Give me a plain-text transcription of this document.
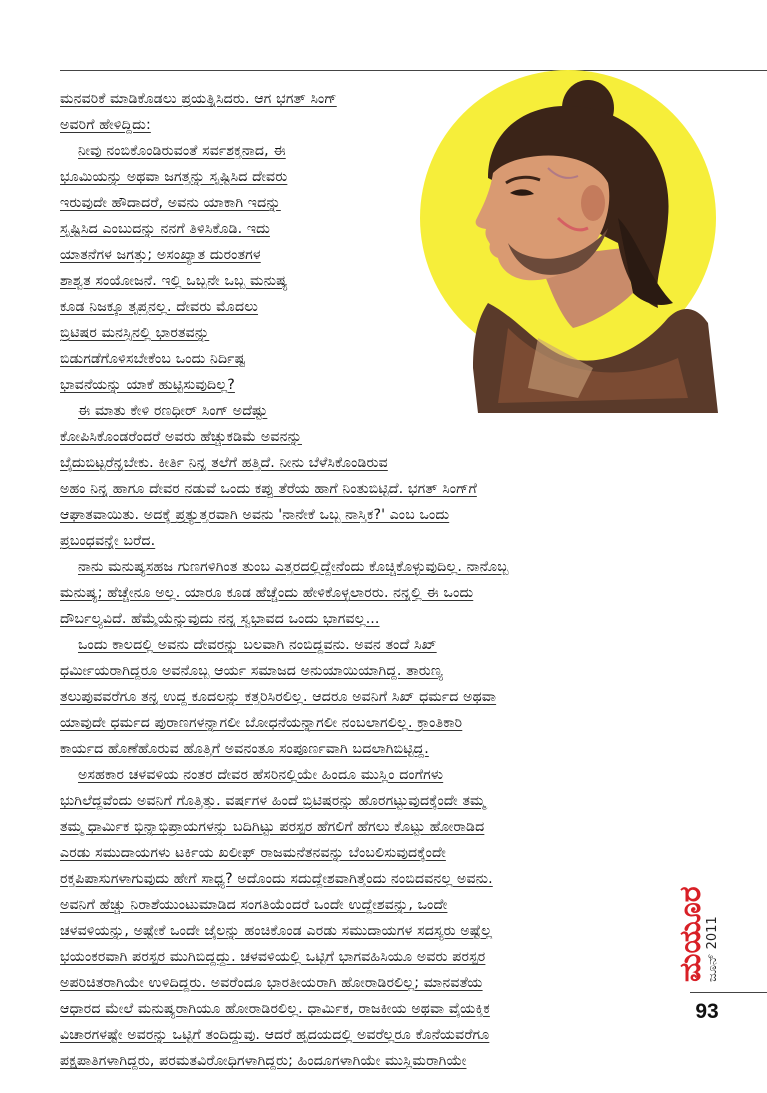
ಮನವರಿಕೆ ಮಾಡಿಕೊಡಲು ಪ್ರಯತ್ನಿಸಿದರು. ಆಗ ಭಗತ್ ಸಿಂಗ್
ಅವರಿಗೆ ಹೇಳಿದ್ದಿದು:
ನೀವು ನಂಬಿಕೊಂಡಿರುವಂತೆ ಸರ್ವಶಕ್ತನಾದ, ಈ
ಭೂಮಿಯನ್ನು ಅಥವಾ ಜಗತ್ತನ್ನು ಸೃಷ್ಟಿಸಿದ ದೇವರು
ಇರುವುದೇ ಹೌದಾದರೆ, ಅವನು ಯಾಕಾಗಿ ಇದನ್ನು
ಸೃಷ್ಟಿಸಿದ ಎಂಬುದನ್ನು ನನಗೆ ತಿಳಿಸಿಕೊಡಿ. ಇದು
ಯಾತನೆಗಳ ಜಗತ್ತು; ಅಸಂಖ್ಯಾತ ದುರಂತಗಳ
ಶಾಶ್ವತ ಸಂಯೋಜನೆ. ಇಲ್ಲಿ ಒಬ್ಬನೇ ಒಬ್ಬ ಮನುಷ್ಯ
ಕೂಡ ನಿಜಕ್ಕೂ ತೃಪ್ತನಲ್ಲ. ದೇವರು ಮೊದಲು
ಬ್ರಿಟಿಷರ ಮನಸ್ಸಿನಲ್ಲಿ ಭಾರತವನ್ನು
ಬಿಡುಗಡೆಗೊಳಿಸಬೇಕೆಂಬ ಒಂದು ನಿರ್ದಿಷ್ಟ
ಭಾವನೆಯನ್ನು ಯಾಕೆ ಹುಟ್ಟಿಸುವುದಿಲ್ಲ?
ಈ ಮಾತು ಕೇಳಿ ರಣಧೀರ್ ಸಿಂಗ್ ಅದೆಷ್ಟು
ಕೋಪಿಸಿಕೊಂಡರೆಂದರೆ ಅವರು ಹೆಚ್ಚುಕಡಿಮೆ ಅವನನ್ನು
ಬೈದುಬಿಟ್ಟರೆನ್ನಬೇಕು. ಕೀರ್ತಿ ನಿನ್ನ ತಲೆಗೆ ಹತ್ತಿದೆ. ನೀನು ಬೆಳೆಸಿಕೊಂಡಿರುವ
ಅಹಂ ನಿನ್ನ ಹಾಗೂ ದೇವರ ನಡುವೆ ಒಂದು ಕಪ್ಪು ತೆರೆಯ ಹಾಗೆ ನಿಂತುಬಿಟ್ಟಿದೆ. ಭಗತ್ ಸಿಂಗ್‌ಗೆ
ಆಘಾತವಾಯಿತು. ಅದಕ್ಕೆ ಪ್ರತ್ಯುತ್ತರವಾಗಿ ಅವನು 'ನಾನೇಕೆ ಒಬ್ಬ ನಾಸ್ತಿಕ?' ಎಂಬ ಒಂದು
ಪ್ರಬಂಧವನ್ನೇ ಬರೆದ.
ನಾನು ಮನುಷ್ಯಸಹಜ ಗುಣಗಳಿಗಿಂತ ತುಂಬ ಎತ್ತರದಲ್ಲಿದ್ದೇನೆಂದು ಕೊಚ್ಚಿಕೊಳ್ಳುವುದಿಲ್ಲ. ನಾನೊಬ್ಬ
ಮನುಷ್ಯ; ಹೆಚ್ಚೇನೂ ಅಲ್ಲ. ಯಾರೂ ಕೂಡ ಹೆಚ್ಚೆಂದು ಹೇಳಿಕೊಳ್ಳಲಾರರು. ನನ್ನಲ್ಲಿ ಈ ಒಂದು
ದೌರ್ಬಲ್ಯವಿದೆ. ಹೆಮ್ಮೆಯೆನ್ನುವುದು ನನ್ನ ಸ್ವಭಾವದ ಒಂದು ಭಾಗವಲ್ಲ...
ಒಂದು ಕಾಲದಲ್ಲಿ ಅವನು ದೇವರನ್ನು ಬಲವಾಗಿ ನಂಬಿದ್ದವನು. ಅವನ ತಂದೆ ಸಿಖ್
ಧರ್ಮೀಯರಾಗಿದ್ದರೂ ಅವನೊಬ್ಬ ಆರ್ಯ ಸಮಾಜದ ಅನುಯಾಯಿಯಾಗಿದ್ದ. ತಾರುಣ್ಯ
ತಲುಪುವವರೆಗೂ ತನ್ನ ಉದ್ದ ಕೂದಲನ್ನು ಕತ್ತರಿಸಿರಲಿಲ್ಲ. ಆದರೂ ಅವನಿಗೆ ಸಿಖ್ ಧರ್ಮದ ಅಥವಾ
ಯಾವುದೇ ಧರ್ಮದ ಪುರಾಣಗಳನ್ನಾಗಲೀ ಬೋಧನೆಯನ್ನಾಗಲೀ ನಂಬಲಾಗಲಿಲ್ಲ. ಕ್ರಾಂತಿಕಾರಿ
ಕಾರ್ಯದ ಹೊಣೆಹೊರುವ ಹೊತ್ತಿಗೆ ಅವನಂತೂ ಸಂಪೂರ್ಣವಾಗಿ ಬದಲಾಗಿಬಿಟ್ಟಿದ್ದ.
ಅಸಹಕಾರ ಚಳವಳಿಯ ನಂತರ ದೇವರ ಹೆಸರಿನಲ್ಲಿಯೇ ಹಿಂದೂ ಮುಸ್ಲಿಂ ದಂಗೆಗಳು
ಭುಗಿಲೆದ್ದವೆಂದು ಅವನಿಗೆ ಗೊತ್ತಿತ್ತು. ವರ್ಷಗಳ ಹಿಂದೆ ಬ್ರಿಟಿಷರನ್ನು ಹೊರಗಟ್ಟುವುದಕ್ಕೆಂದೇ ತಮ್ಮ
ತಮ್ಮ ಧಾರ್ಮಿಕ ಭಿನ್ನಾಭಿಪ್ರಾಯಗಳನ್ನು ಬದಿಗಿಟ್ಟು ಪರಸ್ಪರ ಹೆಗಲಿಗೆ ಹೆಗಲು ಕೊಟ್ಟು ಹೋರಾಡಿದ
ಎರಡು ಸಮುದಾಯಗಳು ಟರ್ಕಿಯ ಖಲೀಫ್ ರಾಜಮನೆತನವನ್ನು ಬೆಂಬಲಿಸುವುದಕ್ಕೆಂದೇ
ರಕ್ತಪಿಪಾಸುಗಳಾಗುವುದು ಹೇಗೆ ಸಾಧ್ಯ? ಅದೊಂದು ಸದುದ್ದೇಶವಾಗಿತ್ತೆಂದು ನಂಬಿದವನಲ್ಲ ಅವನು.
ಅವನಿಗೆ ಹೆಚ್ಚು ನಿರಾಶೆಯುಂಟುಮಾಡಿದ ಸಂಗತಿಯೆಂದರೆ ಒಂದೇ ಉದ್ದೇಶವನ್ನು, ಒಂದೇ
ಚಳವಳಿಯನ್ನು, ಅಷ್ಟೇಕೆ ಒಂದೇ ಜೈಲನ್ನು ಹಂಚಿಕೊಂಡ ಎರಡು ಸಮುದಾಯಗಳ ಸದಸ್ಯರು ಅಷ್ಟೆಲ್ಲ
ಭಯಂಕರವಾಗಿ ಪರಸ್ಪರ ಮುಗಿಬಿದ್ದದ್ದು. ಚಳವಳಿಯಲ್ಲಿ ಒಟ್ಟಿಗೆ ಭಾಗವಹಿಸಿಯೂ ಅವರು ಪರಸ್ಪರ
ಅಪರಿಚಿತರಾಗಿಯೇ ಉಳಿದಿದ್ದರು. ಅವರೆಂದೂ ಭಾರತೀಯರಾಗಿ ಹೋರಾಡಿರಲಿಲ್ಲ; ಮಾನವತೆಯ
ಆಧಾರದ ಮೇಲೆ ಮನುಷ್ಯರಾಗಿಯೂ ಹೋರಾಡಿರಲಿಲ್ಲ. ಧಾರ್ಮಿಕ, ರಾಜಕೀಯ ಅಥವಾ ವೈಯಕ್ತಿಕ
ವಿಚಾರಗಳಷ್ಟೇ ಅವರನ್ನು ಒಟ್ಟಿಗೆ ತಂದಿದ್ದುವು. ಆದರೆ ಹೃದಯದಲ್ಲಿ ಅವರೆಲ್ಲರೂ ಕೊನೆಯವರೆಗೂ
ಪಕ್ಷಪಾತಿಗಳಾಗಿದ್ದರು, ಪರಮತವಿರೋಧಿಗಳಾಗಿದ್ದರು; ಹಿಂದೂಗಳಾಗಿಯೇ ಮುಸ್ಲಿಮರಾಗಿಯೇ
ಜೂನ್ 2011
ಮಯೂರ
93
